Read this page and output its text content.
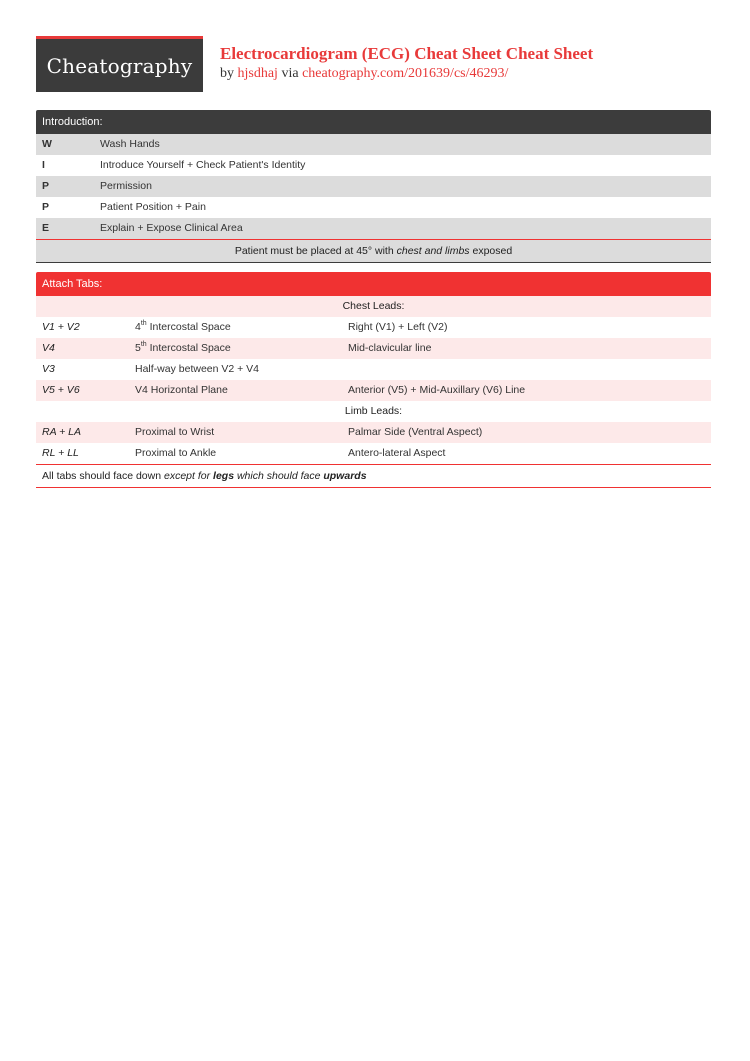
Cheatography Electrocardiogram (ECG) Cheat Sheet Cheat Sheet
by hjsdhaj via cheatography.com/201639/cs/46293/
Introduction:
W	Wash Hands
I	Introduce Yourself + Check Patient's Identity
P	Permission
P	Patient Position + Pain
E	Explain + Expose Clinical Area
Patient must be placed at 45° with chest and limbs exposed
Attach Tabs:
Chest Leads:
V1 + V2	4th Intercostal Space	Right (V1) + Left (V2)
V4	5th Intercostal Space	Mid-clavicular line
V3	Half-way between V2 + V4
V5 + V6	V4 Horizontal Plane	Anterior (V5) + Mid-Auxillary (V6) Line
Limb Leads:
RA + LA	Proximal to Wrist	Palmar Side (Ventral Aspect)
RL + LL	Proximal to Ankle	Antero-lateral Aspect
All tabs should face down except for legs which should face upwards
